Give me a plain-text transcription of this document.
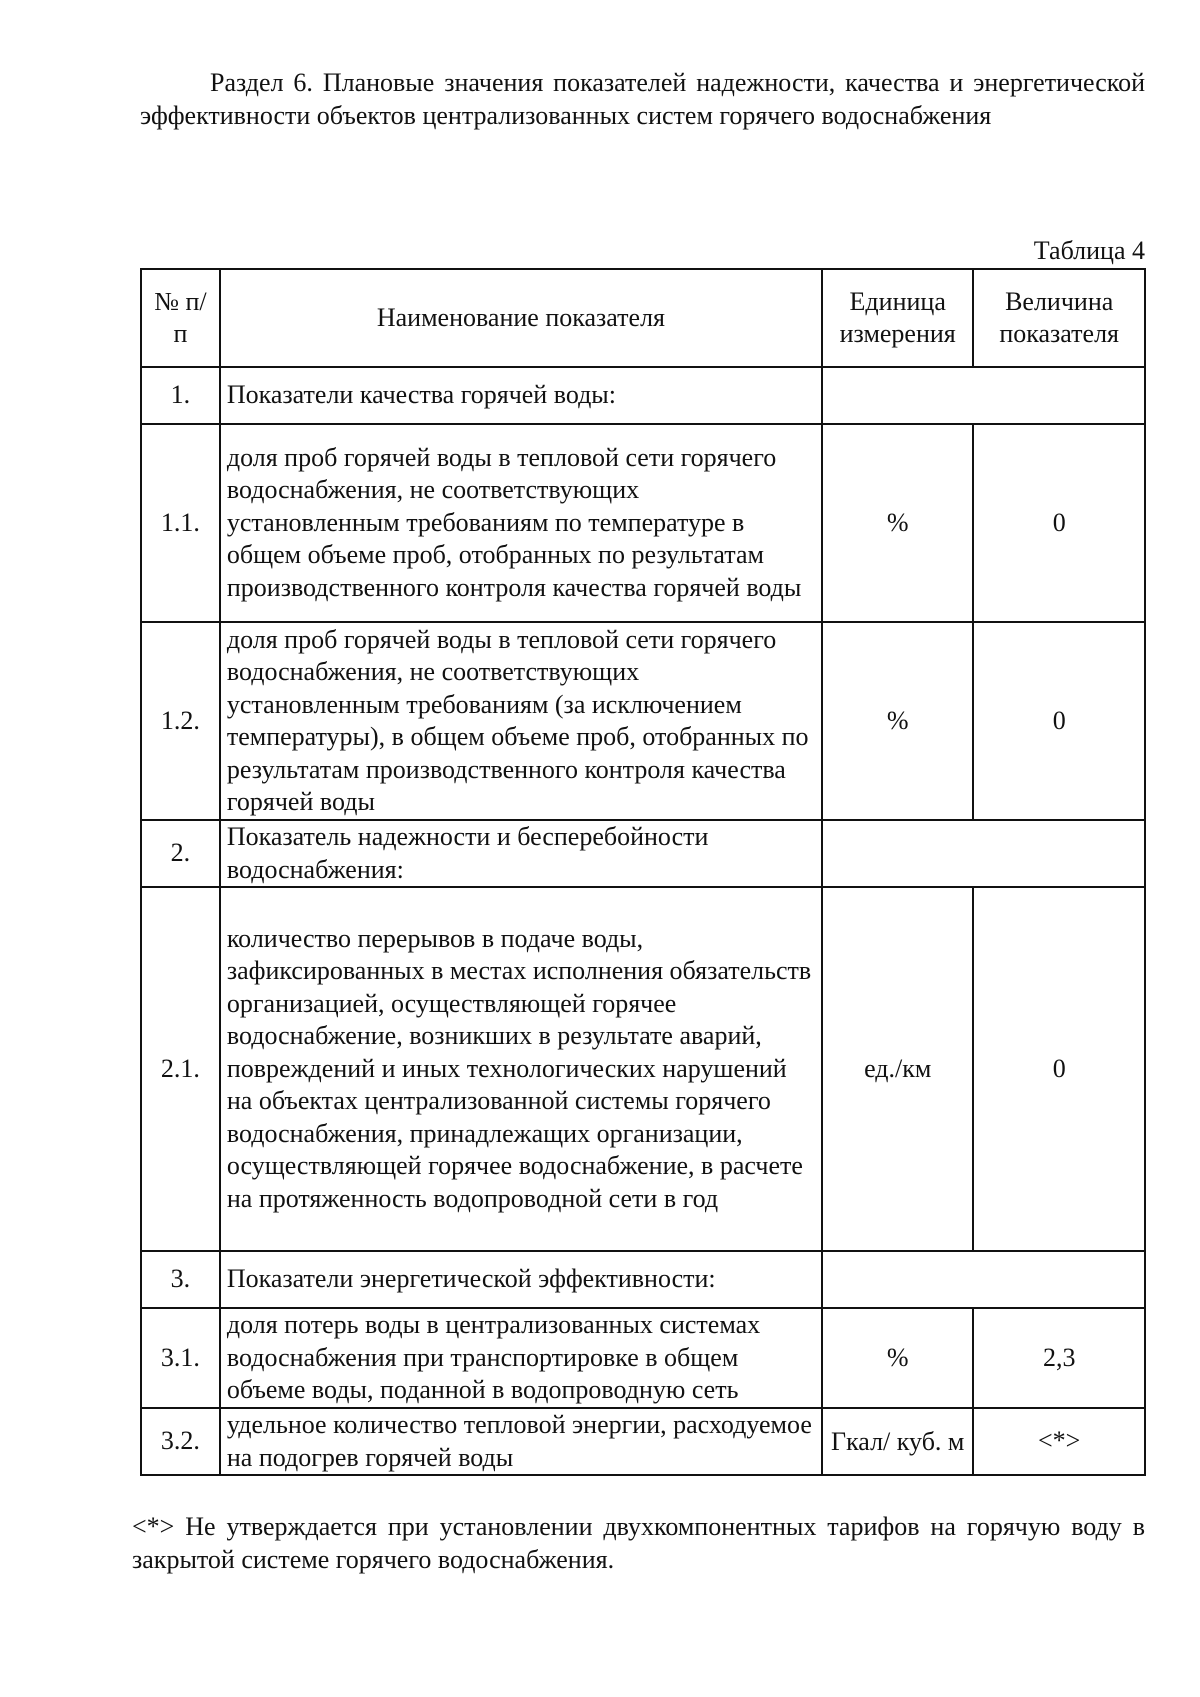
Раздел 6. Плановые значения показателей надежности, качества и энергетической эффективности объектов централизованных систем горячего водоснабжения
Таблица 4
№ п/п	Наименование показателя	Единица измерения	Величина показателя
1.	Показатели качества горячей воды:		
1.1.	доля проб горячей воды в тепловой сети горячего водоснабжения, не соответствующих установленным требованиям по температуре в общем объеме проб, отобранных по результатам производственного контроля качества горячей воды	%	0
1.2.	доля проб горячей воды в тепловой сети горячего водоснабжения, не соответствующих установленным требованиям (за исключением температуры), в общем объеме проб, отобранных по результатам производственного контроля качества горячей воды	%	0
2.	Показатель надежности и бесперебойности водоснабжения:		
2.1.	количество перерывов в подаче воды, зафиксированных в местах исполнения обязательств организацией, осуществляющей горячее водоснабжение, возникших в результате аварий, повреждений и иных технологических нарушений на объектах централизованной системы горячего водоснабжения, принадлежащих организации, осуществляющей горячее водоснабжение, в расчете на протяженность водопроводной сети в год	ед./км	0
3.	Показатели энергетической эффективности:		
3.1.	доля потерь воды в централизованных системах водоснабжения при транспортировке в общем объеме воды, поданной в водопроводную сеть	%	2,3
3.2.	удельное количество тепловой энергии, расходуемое на подогрев горячей воды	Гкал/ куб. м	<*>
<*> Не утверждается при установлении двухкомпонентных тарифов на горячую воду в закрытой системе горячего водоснабжения.
